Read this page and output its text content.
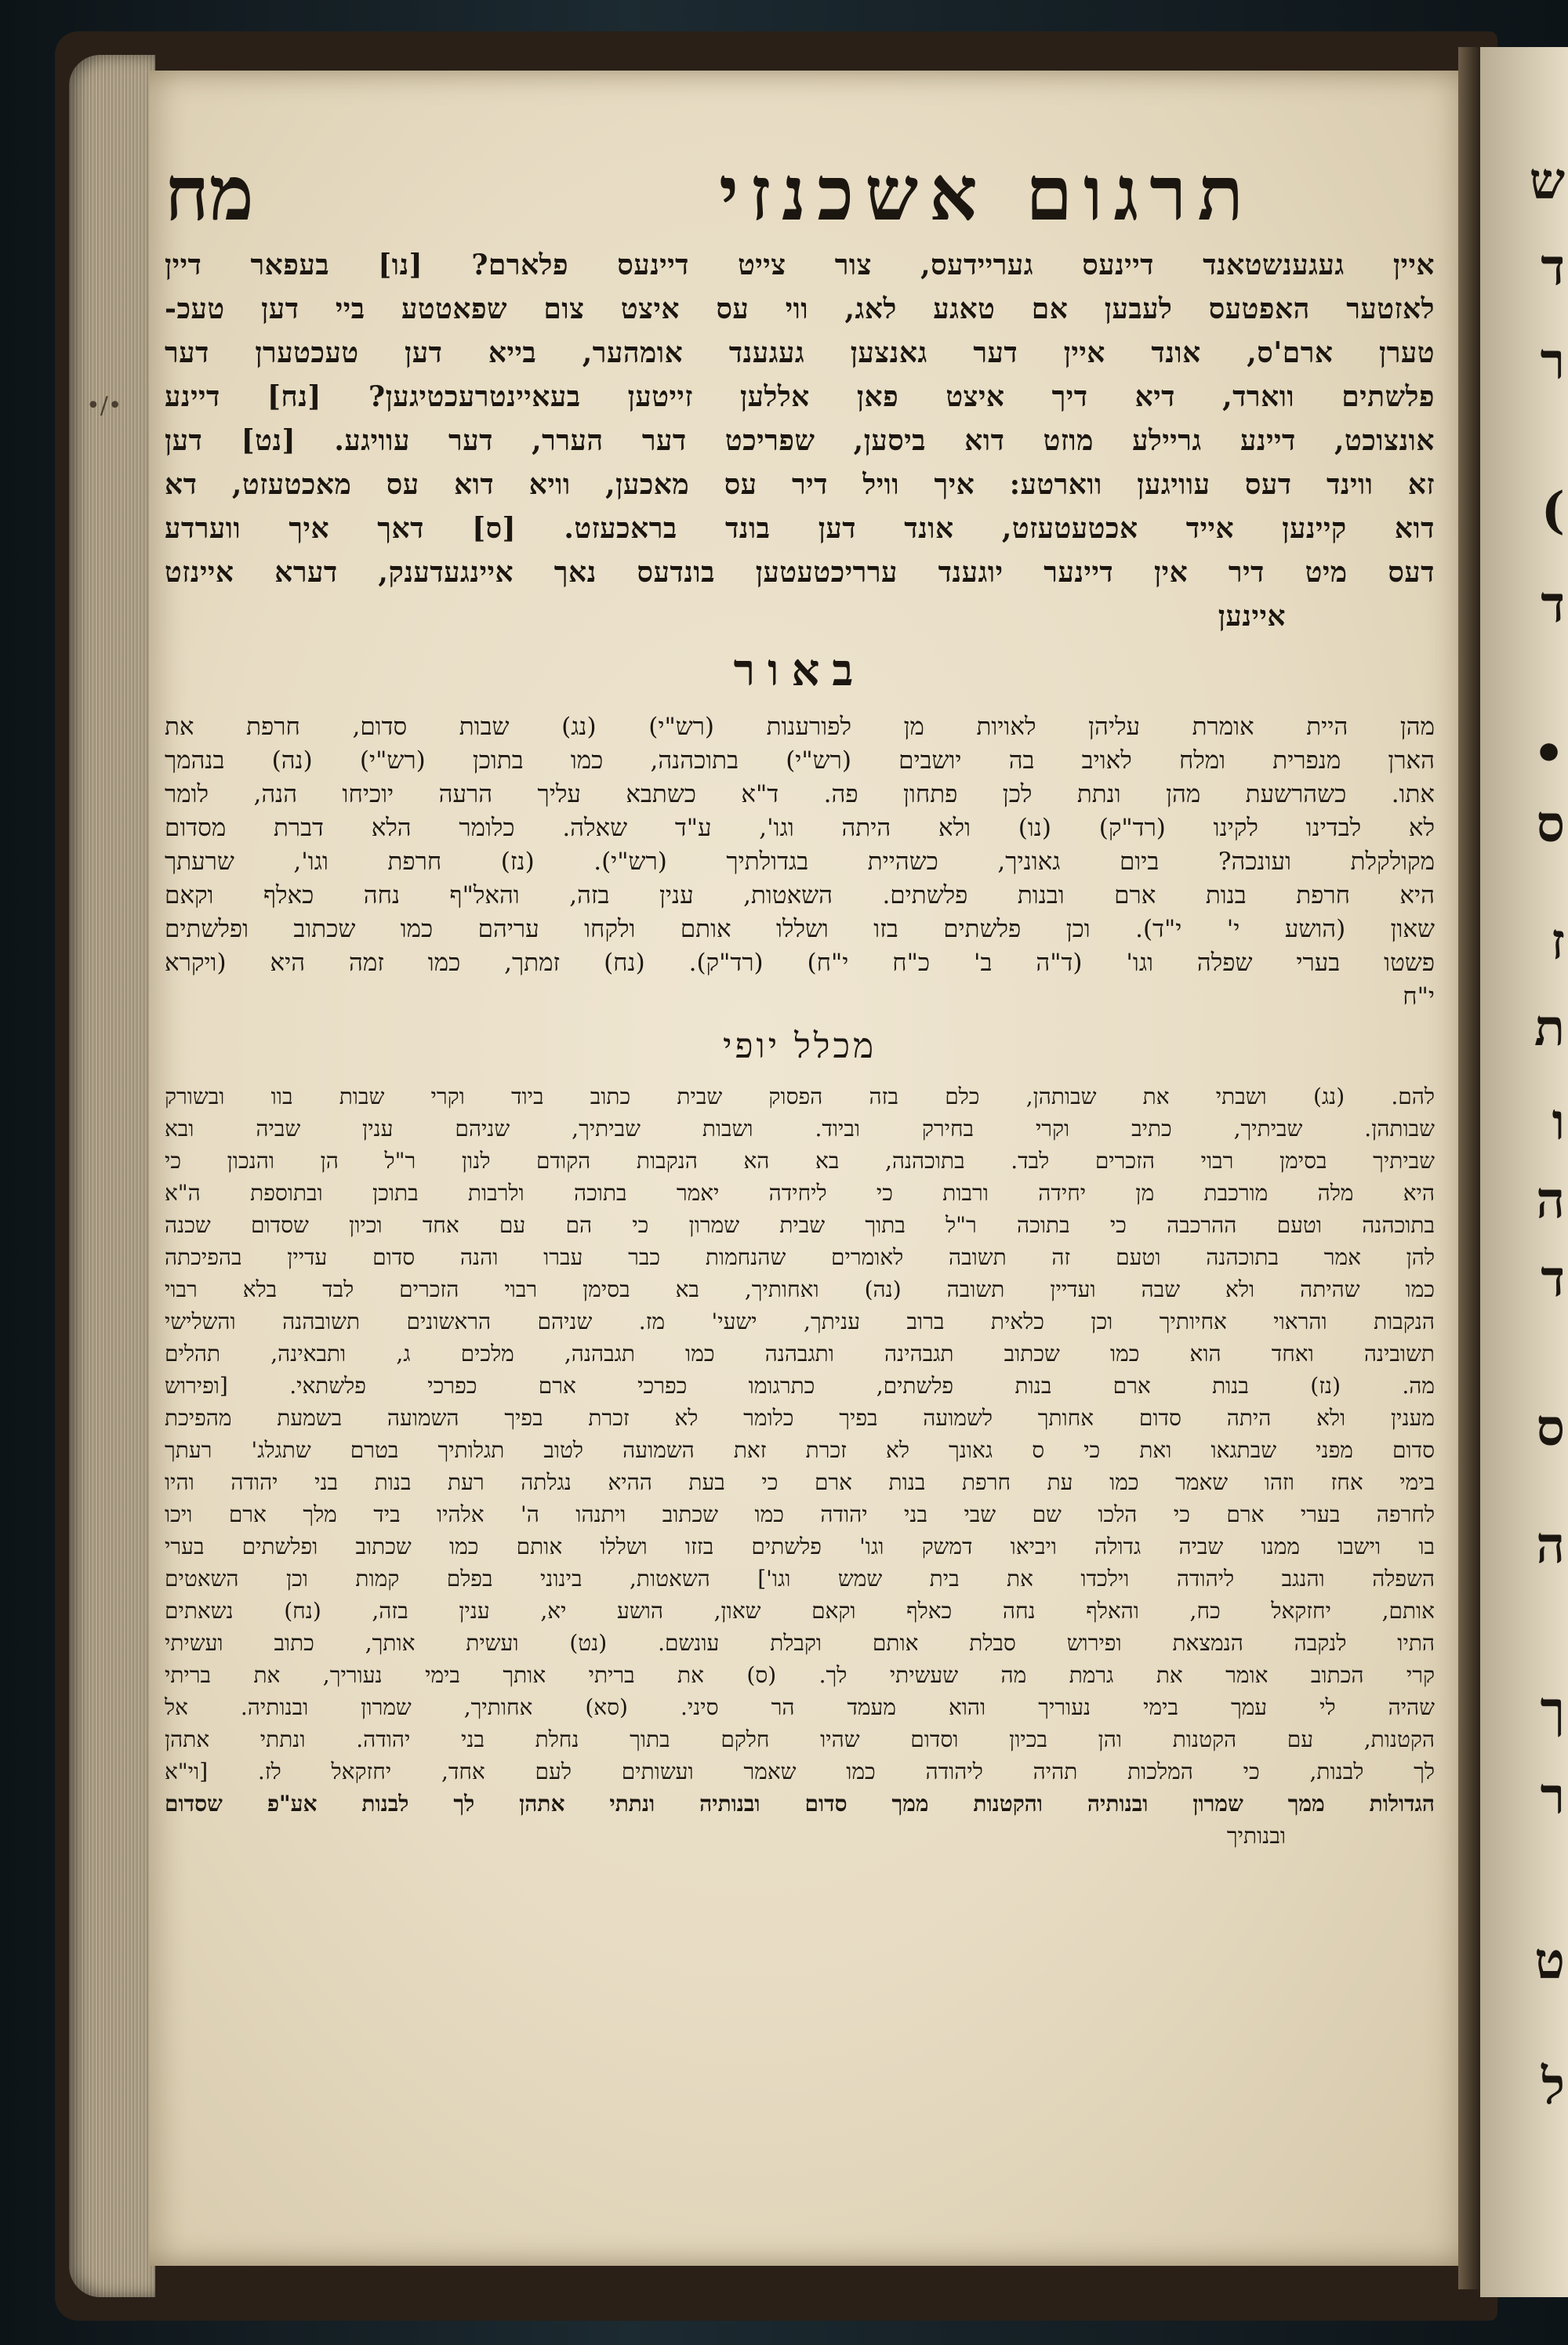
ש
ד
ר
)
ד
•
ס
ז
ת
ו
ה
ד
ס
ה
ך
ר
ט
ל
•/•
תרגום אשכנזי
מח
איין געגענשטאנד דיינעס געריידעס, צור צייט דיינעס פלארם? [נו] בעפאר דיין
לאזטער האפטעס לעבען אם טאגע לאג, ווי עס איצט צום שפאטטע ביי דען טעכ-
טערן ארם'ס, אונד איין דער גאנצען געגענד אומהער, בייא דען טעכטערן דער
פלשתים ווארד, דיא דיך איצט פאן אללען זייטען בעאיינטרעכטיגען? [נח] דיינע
אונצוכט, דיינע גריילע מוזט דוא ביסען, שפריכט דער הערר, דער עוויגע. [נט] דען
זא ווינד דעס עוויגען ווארטע: איך וויל דיר עס מאכען, וויא דוא עס מאכטעזט, דא
דוא קיינען אייד אכטעטעזט, אונד דען בונד בראכעזט. [ס] דאך איך ווערדע
דעס מיט דיר אין דיינער יוגענד ערריכטעטען בונדעס נאך איינגעדענק, דערא איינזט
איינען
באור
מהן היית אומרת עליהן לאויות מן לפורענות (רש"י) (נג) שבות סדום, חרפת את
הארן מנפרית ומלח לאויב בה יושבים (רש"י) בתוכהנה, כמו בתוכן (רש"י) (נה) בנהמך
אתו. כשהרשעת מהן ונתת לכן פתחון פה. ד"א כשתבא עליך הרעה יוכיחו הנה, לומר
לא לבדינו לקינו (רד"ק) (נו) ולא היתה וגו', ע"ד שאלה. כלומר הלא דברת מסדום
מקולקלת ועונכה? ביום גאוניך, כשהיית בגדולתיך (רש"י). (נז) חרפת וגו', שרעתך
היא חרפת בנות ארם ובנות פלשתים. השאטות, ענין בזה, והאל"ף נחה כאלף וקאם
שאון (הושע י' י"ד). וכן פלשתים בזו ושללו אותם ולקחו עריהם כמו שכתוב ופלשתים
פשטו בערי שפלה וגו' (ד"ה ב' כ"ח י"ח) (רד"ק). (נח) זמתך, כמו זמה היא (ויקרא
י"ח
מכלל יופי
להם. (נג) ושבתי את שבותהן, כלם בזה הפסוק שבית כתוב ביוד וקרי שבות בוו ובשורק
שבותהן. שביתיך, כתיב וקרי בחירק וביוד. ושבות שביתיך, שניהם ענין שביה ובא
שביתיך בסימן רבוי הזכרים לבד. בתוכהנה, בא הא הנקבות הקודם לנון ר"ל הן והנכון כי
היא מלה מורכבת מן יחידה ורבות כי ליחידה יאמר בתוכה ולרבות בתוכן ובתוספת ה"א
בתוכהנה וטעם ההרכבה כי בתוכה ר"ל בתוך שבית שמרון כי הם עם אחד וכיון שסדום שכנה
להן אמר בתוכהנה וטעם זה תשובה לאומרים שהנחמות כבר עברו והנה סדום עדיין בהפיכתה
כמו שהיתה ולא שבה ועדיין תשובה (נה) ואחותיך, בא בסימן רבוי הזכרים לבד בלא רבוי
הנקבות והראוי אחיותיך וכן כלאית ברוב עניתך, ישעי' מז. שניהם הראשונים תשובהנה והשלישי
תשובינה ואחד הוא כמו שכתוב תגבהינה ותגבהנה כמו תגבהנה, מלכים ג, ותבאינה, תהלים
מה. (נז) בנות ארם בנות פלשתים, כתרגומו כפרכי ארם כפרכי פלשתאי. [ופירוש
מענין ולא היתה סדום אחותך לשמועה בפיך כלומר לא זכרת בפיך השמועה בשמעת מהפיכת
סדום מפני שבתגאו ואת כי ס גאונך לא זכרת זאת השמועה לטוב תגלותיך בטרם שתגלג' רעתך
בימי אחז וזהו שאמר כמו עת חרפת בנות ארם כי בעת ההיא נגלתה רעת בנות בני יהודה והיו
לחרפה בערי ארם כי הלכו שם שבי בני יהודה כמו שכתוב ויתנהו ה' אלהיו ביד מלך ארם ויכו
בו וישבו ממנו שביה גדולה ויביאו דמשק וגו' פלשתים בזזו ושללו אותם כמו שכתוב ופלשתים בערי
השפלה והנגב ליהודה וילכדו את בית שמש וגו'] השאטות, בינוני בפלם קמות וכן השאטים
אותם, יחזקאל כח, והאלף נחה כאלף וקאם שאון, הושע יא, ענין בזה, (נח) נשאתים
התיו לנקבה הנמצאת ופירוש סבלת אותם וקבלת עונשם. (נט) ועשית אותך, כתוב ועשיתי
קרי הכתוב אומר את גרמת מה שעשיתי לך. (ס) את בריתי אותך בימי נעוריך, את בריתי
שהיה לי עמך בימי נעוריך והוא מעמד הר סיני. (סא) אחותיך, שמרון ובנותיה. אל
הקטנות, עם הקטנות והן בכיון וסדום שהיו חלקם בתוך נחלת בני יהודה. ונתתי אתהן
לך לבנות, כי המלכות תהיה ליהודה כמו שאמר ועשותים לעם אחד, יחזקאל לז. [וי"א
הגדולות ממך שמרון ובנותיה והקטנות ממך סדום ובנותיה ונתתי אתהן לך לבנות אע"פ שסדום
ובנותיך
